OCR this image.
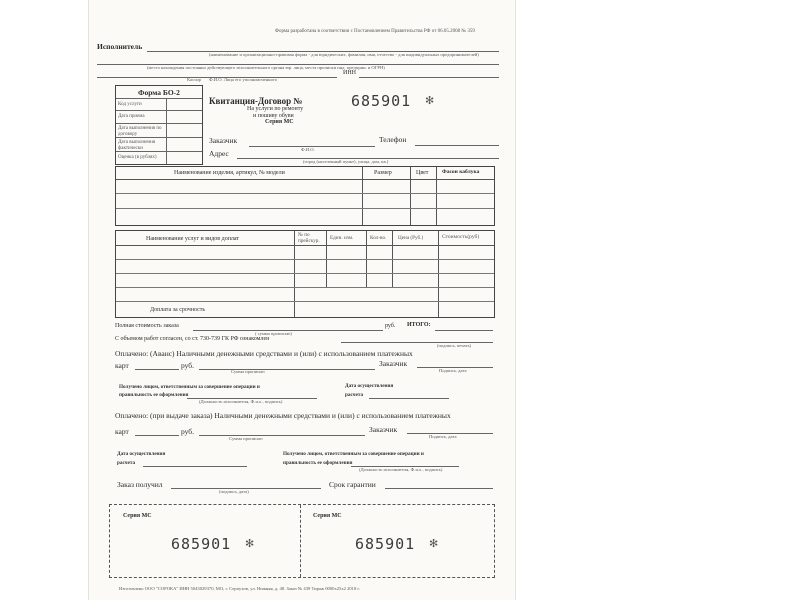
Форма разработана в соответствии с Постановлением Правительства РФ от 06.05.2008 № 359
Исполнитель
(наименование и организационно-правовая форма - для юридических, фамилия, имя, отчество - для индивидуальных предпринимателей)
(место нахождения постоянно действующего исполнительного органа юр. лица, места прописки инд. предприн. и ОГРН)
ИНН
Кассир Ф.И.О. Лица его уполномоченного
Форма БО-2
Код услуги
Дата приема
Дата выполнения по договору
Дата выполнения фактически
Оценка (в рублях)
Квитанция-Договор №
На услуги по ремонту
и пошиву обуви
Серия МС
685901 ✻
Заказчик	Телефон
Ф.И.О.
Адрес
(город (населенный пункт), улица, дом, кв.)
Наименование изделия, артикул, № модели	Размер	Цвет Фасон каблука
Наименование услуг и видов доплат
№ по прейскур.	Един. изм.	Кол-во. Цена (Руб.)	Стоимость(руб)
Доплата за срочность
Полная стоимость заказа
( сумма прописью)
руб. ИТОГО:
С объемом работ согласен, со ст. 730-739 ГК РФ ознакомлен
(подпись, печать)
Оплачено: (Аванс) Наличными денежными средствами и (или) с использованием платежных
карт	руб.	Заказчик
Сумма прописью	Подпись, дата
Получено лицом, ответственным за совершение операции и
правильность ее оформления
(Должность исполнителя, Ф.и.о., подпись)
Дата осуществления
расчета
Оплачено: (при выдаче заказа) Наличными денежными средствами и (или) с использованием платежных
карт	руб.	Заказчик
Сумма прописью	Подпись, дата
Дата осуществления
расчета
Получено лицом, ответственным за совершение операции и
правильность ее оформления
(Должность исполнителя, Ф.и.о., подпись)
Заказ получил
(подпись, дата)
Срок гарантии
Серия МС
685901 ✻
Серия МС
685901 ✻
Изготовлено ООО "СОРОКА" ИНН 5043029370, МО, г. Серпухов, ул. Нижняя, д. 48. Заказ № 439 Тираж 0000x25x2 2018 г.
